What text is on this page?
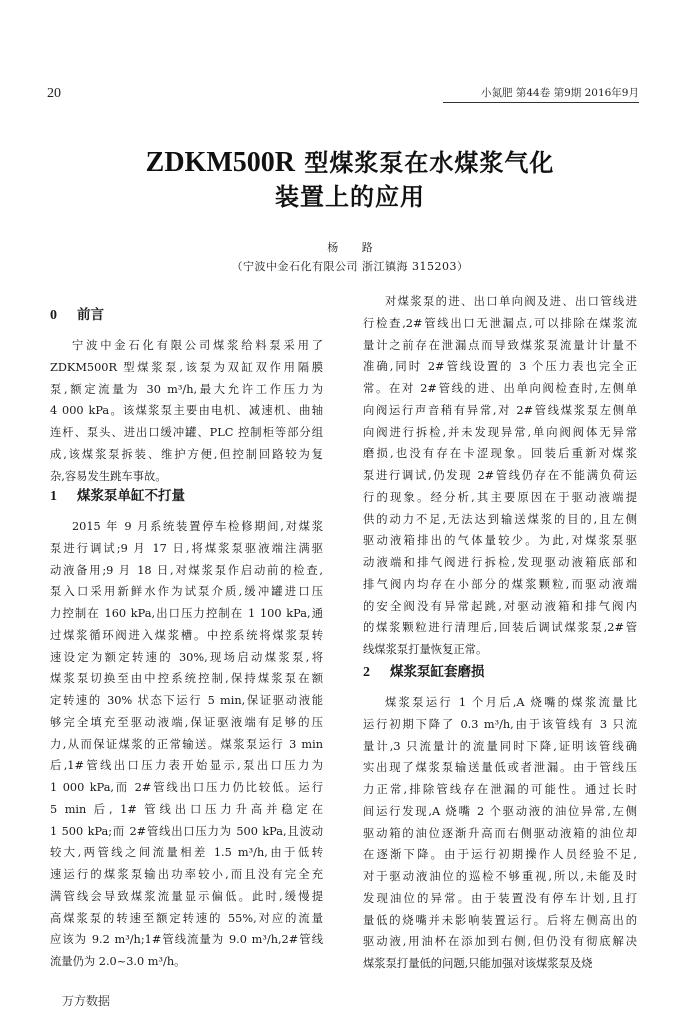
20	小氮肥 第44卷 第9期 2016年9月
ZDKM500R 型煤浆泵在水煤浆气化
装置上的应用
杨 路
（宁波中金石化有限公司 浙江镇海 315203）
0 前言
宁波中金石化有限公司煤浆给料泵采用了
ZDKM500R 型煤浆泵,该泵为双缸双作用隔膜
泵,额定流量为 30 m³/h,最大允许工作压力为
4 000 kPa。该煤浆泵主要由电机、减速机、曲轴
连杆、泵头、进出口缓冲罐、PLC 控制柜等部分组
成,该煤浆泵拆装、维护方便,但控制回路较为复
杂,容易发生跳车事故。
1 煤浆泵单缸不打量
2015 年 9 月系统装置停车检修期间,对煤浆
泵进行调试;9 月 17 日,将煤浆泵驱液端注满驱
动液备用;9 月 18 日,对煤浆泵作启动前的检查,
泵入口采用新鲜水作为试泵介质,缓冲罐进口压
力控制在 160 kPa,出口压力控制在 1 100 kPa,通
过煤浆循环阀进入煤浆槽。中控系统将煤浆泵转
速设定为额定转速的 30%,现场启动煤浆泵,将
煤浆泵切换至由中控系统控制,保持煤浆泵在额
定转速的 30% 状态下运行 5 min,保证驱动液能
够完全填充至驱动液端,保证驱液端有足够的压
力,从而保证煤浆的正常输送。煤浆泵运行 3 min
后,1#管线出口压力表开始显示,泵出口压力为
1 000 kPa,而 2#管线出口压力仍比较低。运行
5 min 后, 1# 管线出口压力升高并稳定在
1 500 kPa;而 2#管线出口压力为 500 kPa,且波动
较大,两管线之间流量相差 1.5 m³/h,由于低转
速运行的煤浆泵输出功率较小,而且没有完全充
满管线会导致煤浆流量显示偏低。此时,缓慢提
高煤浆泵的转速至额定转速的 55%,对应的流量
应该为 9.2 m³/h;1#管线流量为 9.0 m³/h,2#管线
流量仍为 2.0~3.0 m³/h。
对煤浆泵的进、出口单向阀及进、出口管线进
行检查,2#管线出口无泄漏点,可以排除在煤浆流
量计之前存在泄漏点而导致煤浆泵流量计计量不
准确,同时 2#管线设置的 3 个压力表也完全正
常。在对 2#管线的进、出单向阀检查时,左侧单
向阀运行声音稍有异常,对 2#管线煤浆泵左侧单
向阀进行拆检,并未发现异常,单向阀阀体无异常
磨损,也没有存在卡涩现象。回装后重新对煤浆
泵进行调试,仍发现 2#管线仍存在不能满负荷运
行的现象。经分析,其主要原因在于驱动液端提
供的动力不足,无法达到输送煤浆的目的,且左侧
驱动液箱排出的气体量较少。为此,对煤浆泵驱
动液端和排气阀进行拆检,发现驱动液箱底部和
排气阀内均存在小部分的煤浆颗粒,而驱动液端
的安全阀没有异常起跳,对驱动液箱和排气阀内
的煤浆颗粒进行清理后,回装后调试煤浆泵,2#管
线煤浆泵打量恢复正常。
2 煤浆泵缸套磨损
煤浆泵运行 1 个月后,A 烧嘴的煤浆流量比
运行初期下降了 0.3 m³/h,由于该管线有 3 只流
量计,3 只流量计的流量同时下降,证明该管线确
实出现了煤浆泵输送量低或者泄漏。由于管线压
力正常,排除管线存在泄漏的可能性。通过长时
间运行发现,A 烧嘴 2 个驱动液的油位异常,左侧
驱动箱的油位逐渐升高而右侧驱动液箱的油位却
在逐渐下降。由于运行初期操作人员经验不足,
对于驱动液油位的巡检不够重视,所以,未能及时
发现油位的异常。由于装置没有停车计划,且打
量低的烧嘴并未影响装置运行。后将左侧高出的
驱动液,用油杯在添加到右侧,但仍没有彻底解决
煤浆泵打量低的问题,只能加强对该煤浆泵及烧
万方数据
